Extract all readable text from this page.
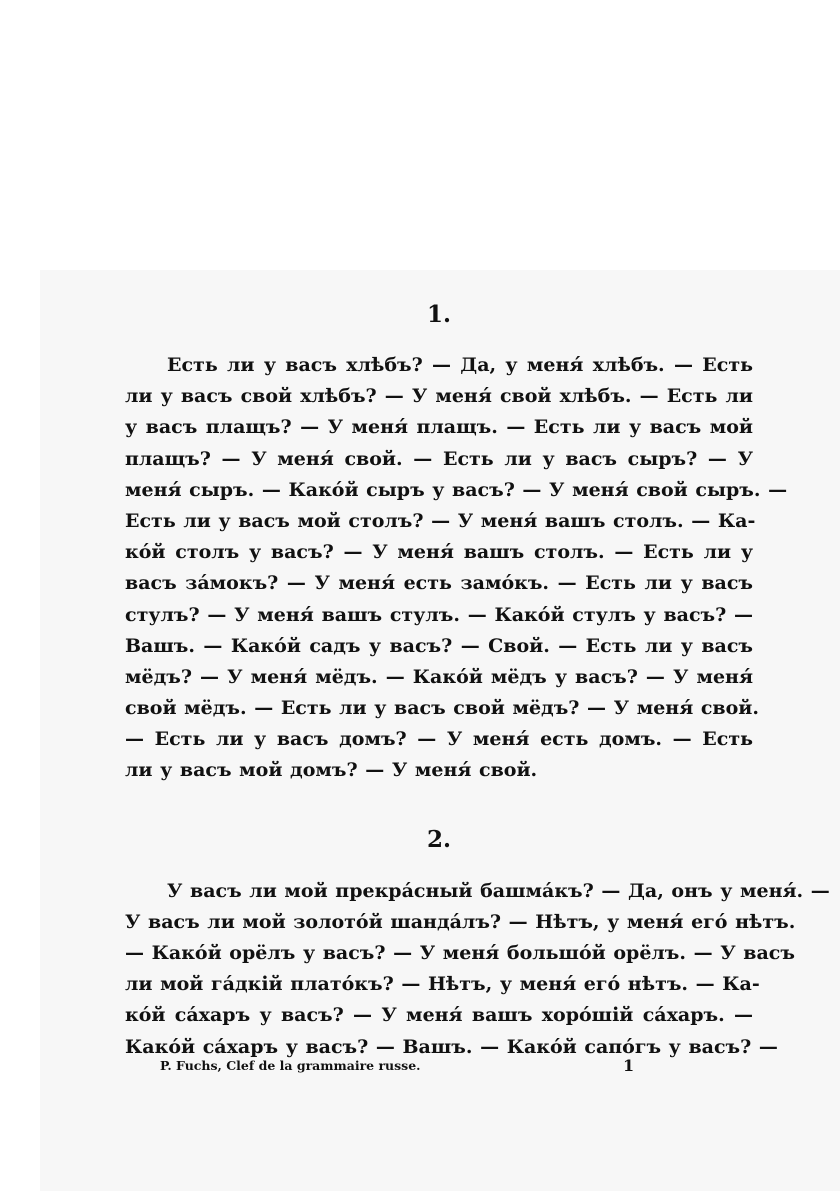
1.
Есть ли у васъ хлѣбъ? — Да, у меня́ хлѣбъ. — Есть
ли у васъ свой хлѣбъ? — У меня́ свой хлѣбъ. — Есть ли
у васъ плащъ? — У меня́ плащъ. — Есть ли у васъ мой
плащъ? — У меня́ свой. — Есть ли у васъ сыръ? — У
меня́ сыръ. — Како́й сыръ у васъ? — У меня́ свой сыръ. —
Есть ли у васъ мой столъ? — У меня́ вашъ столъ. — Ка-
ко́й столъ у васъ? — У меня́ вашъ столъ. — Есть ли у
васъ за́мокъ? — У меня́ есть замо́къ. — Есть ли у васъ
стулъ? — У меня́ вашъ стулъ. — Како́й стулъ у васъ? —
Вашъ. — Како́й садъ у васъ? — Свой. — Есть ли у васъ
мёдъ? — У меня́ мёдъ. — Како́й мёдъ у васъ? — У меня́
свой мёдъ. — Есть ли у васъ свой мёдъ? — У меня́ свой.
— Есть ли у васъ домъ? — У меня́ есть домъ. — Есть
ли у васъ мой домъ? — У меня́ свой.
2.
У васъ ли мой прекра́сный башма́къ? — Да, онъ у меня́. —
У васъ ли мой золото́й шанда́лъ? — Нѣтъ, у меня́ его́ нѣтъ.
— Како́й орёлъ у васъ? — У меня́ большо́й орёлъ. — У васъ
ли мой га́дкій плато́къ? — Нѣтъ, у меня́ его́ нѣтъ. — Ка-
ко́й са́харъ у васъ? — У меня́ вашъ хоро́шій са́харъ. —
Како́й са́харъ у васъ? — Вашъ. — Како́й сапо́гъ у васъ? —
P. Fuchs, Clef de la grammaire russe.	1
